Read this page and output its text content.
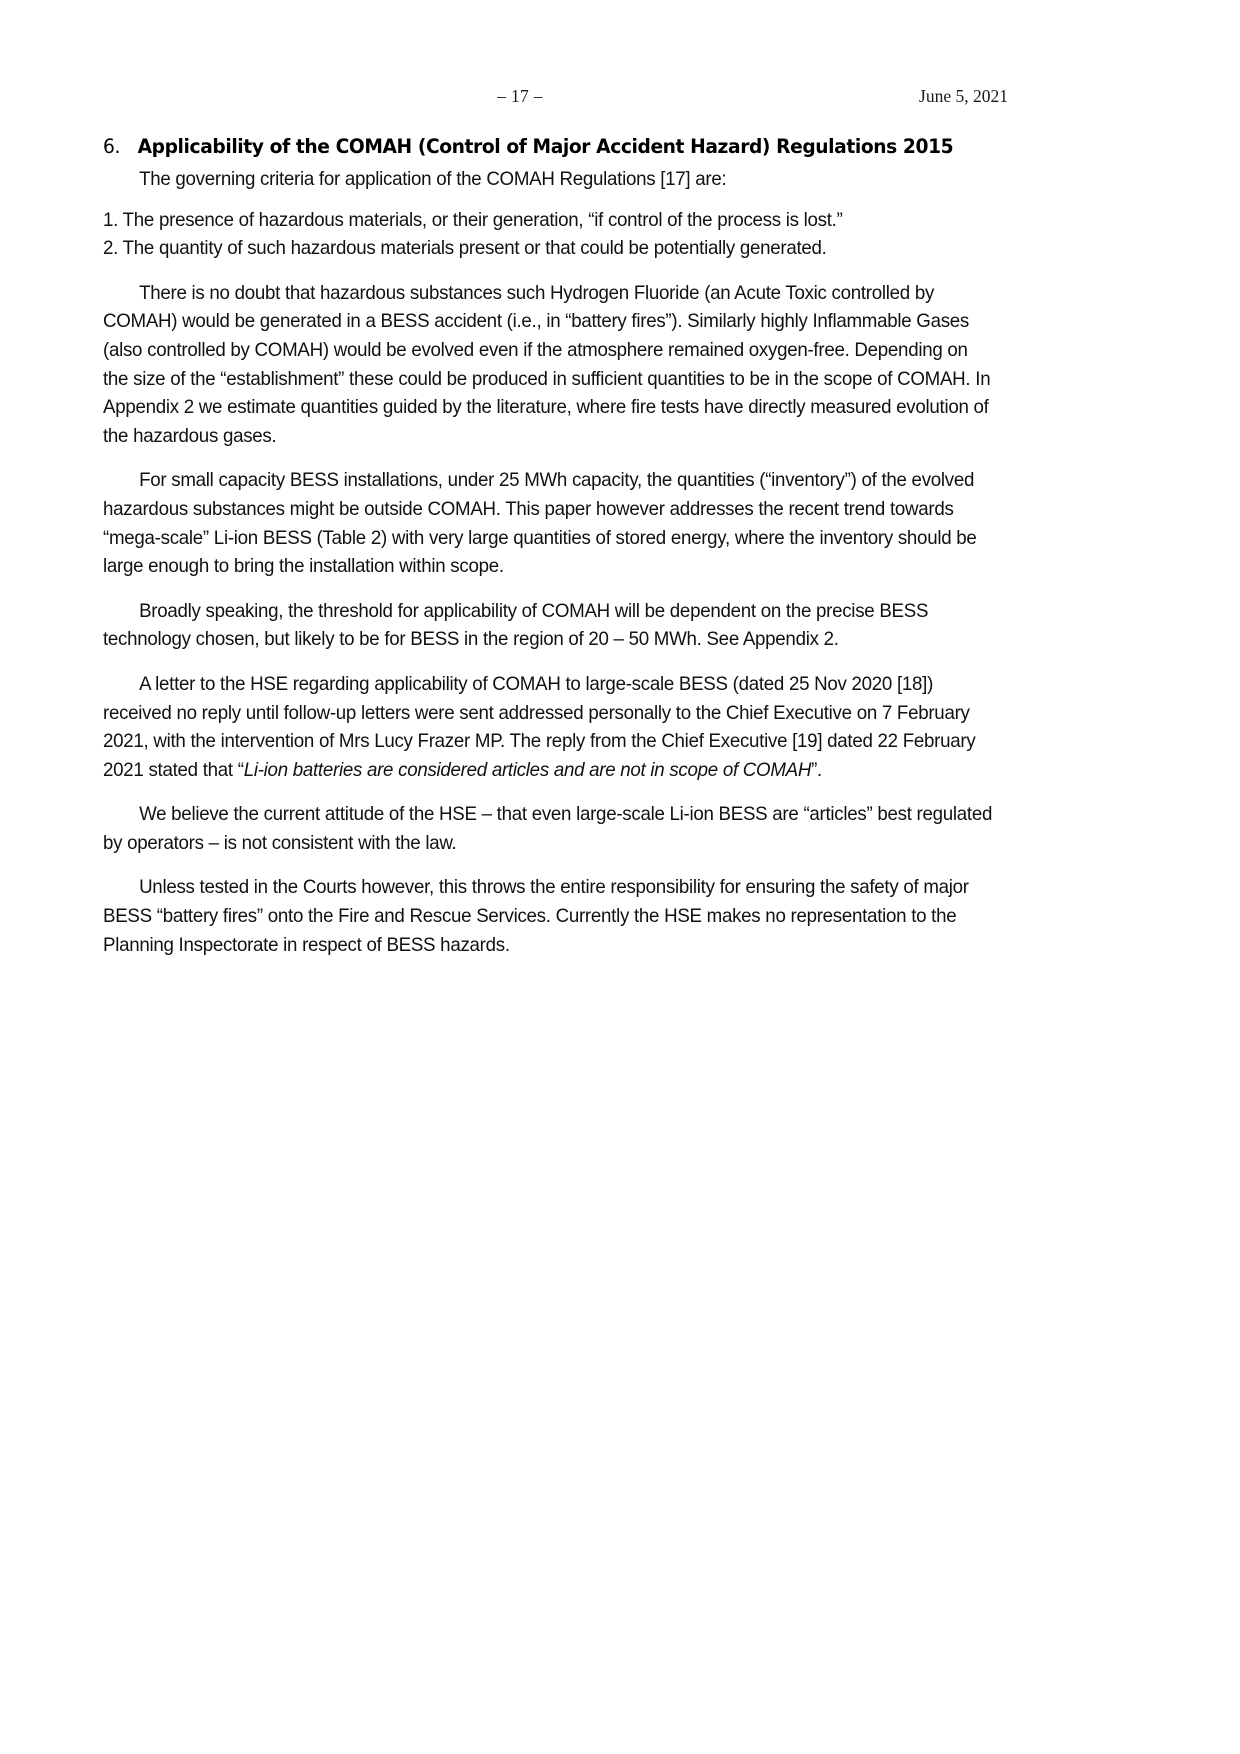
– 17 –	June 5, 2021
6. Applicability of the COMAH (Control of Major Accident Hazard) Regulations 2015

The governing criteria for application of the COMAH Regulations [17] are:

1. The presence of hazardous materials, or their generation, “if control of the process is lost.”

2. The quantity of such hazardous materials present or that could be potentially generated.

There is no doubt that hazardous substances such Hydrogen Fluoride (an Acute Toxic controlled by COMAH) would be generated in a BESS accident (i.e., in “battery fires”). Similarly highly Inflammable Gases (also controlled by COMAH) would be evolved even if the atmosphere remained oxygen-free. Depending on the size of the “establishment” these could be produced in sufficient quantities to be in the scope of COMAH. In Appendix 2 we estimate quantities guided by the literature, where fire tests have directly measured evolution of the hazardous gases.

For small capacity BESS installations, under 25 MWh capacity, the quantities (“inventory”) of the evolved hazardous substances might be outside COMAH. This paper however addresses the recent trend towards “mega-scale” Li-ion BESS (Table 2) with very large quantities of stored energy, where the inventory should be large enough to bring the installation within scope.

Broadly speaking, the threshold for applicability of COMAH will be dependent on the precise BESS technology chosen, but likely to be for BESS in the region of 20 – 50 MWh. See Appendix 2.

A letter to the HSE regarding applicability of COMAH to large-scale BESS (dated 25 Nov 2020 [18]) received no reply until follow-up letters were sent addressed personally to the Chief Executive on 7 February 2021, with the intervention of Mrs Lucy Frazer MP. The reply from the Chief Executive [19] dated 22 February 2021 stated that “Li-ion batteries are considered articles and are not in scope of COMAH”.

We believe the current attitude of the HSE – that even large-scale Li-ion BESS are “articles” best regulated by operators – is not consistent with the law.

Unless tested in the Courts however, this throws the entire responsibility for ensuring the safety of major BESS “battery fires” onto the Fire and Rescue Services. Currently the HSE makes no representation to the Planning Inspectorate in respect of BESS hazards.
